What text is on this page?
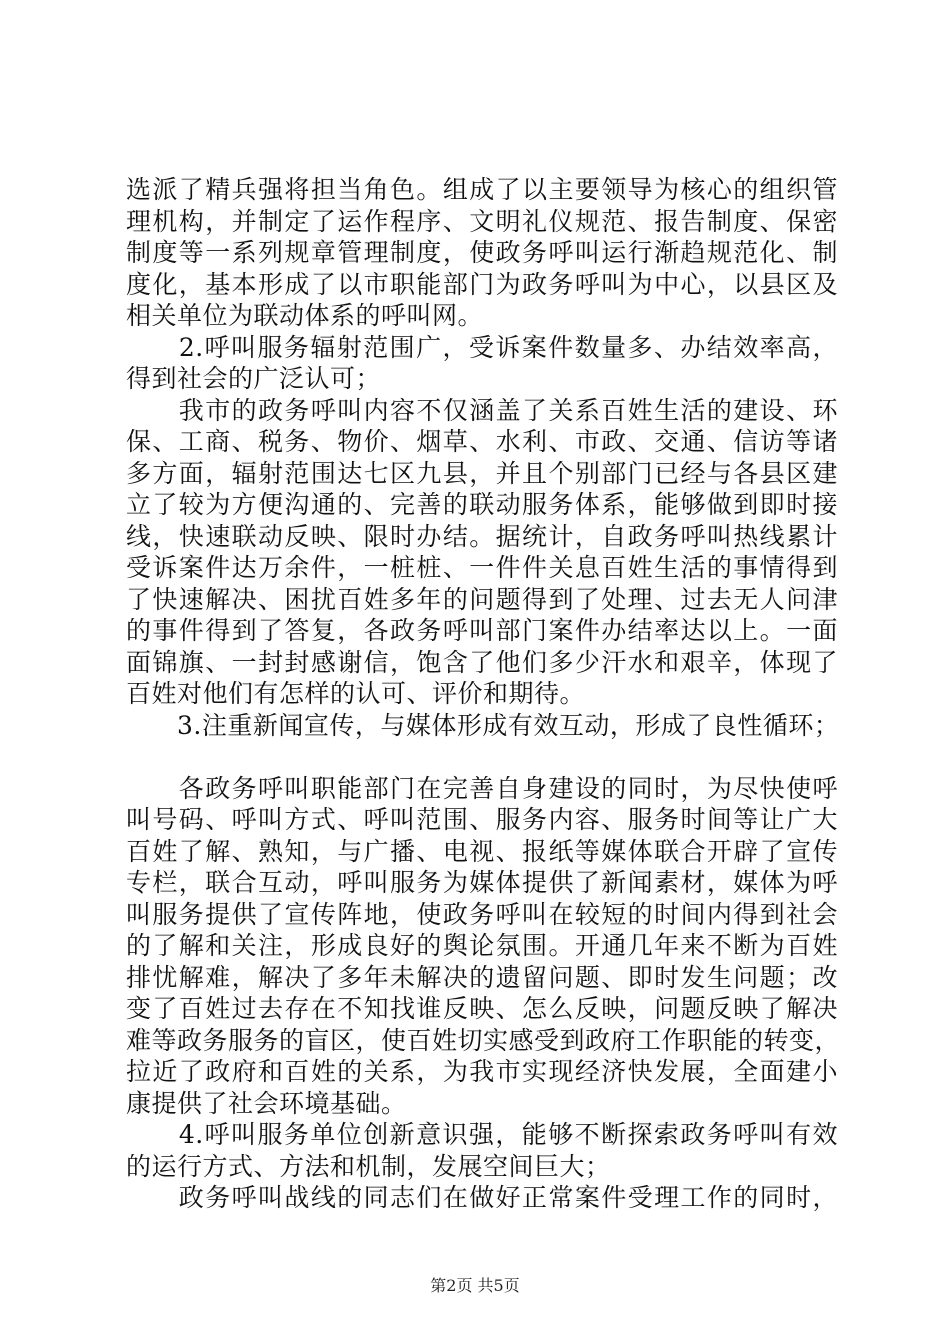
选派了精兵强将担当角色。组成了以主要领导为核心的组织管
理机构，并制定了运作程序、文明礼仪规范、报告制度、保密
制度等一系列规章管理制度，使政务呼叫运行渐趋规范化、制
度化，基本形成了以市职能部门为政务呼叫为中心，以县区及
相关单位为联动体系的呼叫网。
　　2.呼叫服务辐射范围广，受诉案件数量多、办结效率高，
得到社会的广泛认可；
　　我市的政务呼叫内容不仅涵盖了关系百姓生活的建设、环
保、工商、税务、物价、烟草、水利、市政、交通、信访等诸
多方面，辐射范围达七区九县，并且个别部门已经与各县区建
立了较为方便沟通的、完善的联动服务体系，能够做到即时接
线，快速联动反映、限时办结。据统计，自政务呼叫热线累计
受诉案件达万余件，一桩桩、一件件关息百姓生活的事情得到
了快速解决、困扰百姓多年的问题得到了处理、过去无人问津
的事件得到了答复，各政务呼叫部门案件办结率达以上。一面
面锦旗、一封封感谢信，饱含了他们多少汗水和艰辛，体现了
百姓对他们有怎样的认可、评价和期待。
　　3.注重新闻宣传，与媒体形成有效互动，形成了良性循环；
　　各政务呼叫职能部门在完善自身建设的同时，为尽快使呼
叫号码、呼叫方式、呼叫范围、服务内容、服务时间等让广大
百姓了解、熟知，与广播、电视、报纸等媒体联合开辟了宣传
专栏，联合互动，呼叫服务为媒体提供了新闻素材，媒体为呼
叫服务提供了宣传阵地，使政务呼叫在较短的时间内得到社会
的了解和关注，形成良好的舆论氛围。开通几年来不断为百姓
排忧解难，解决了多年未解决的遗留问题、即时发生问题；改
变了百姓过去存在不知找谁反映、怎么反映，问题反映了解决
难等政务服务的盲区，使百姓切实感受到政府工作职能的转变，
拉近了政府和百姓的关系，为我市实现经济快发展，全面建小
康提供了社会环境基础。
　　4.呼叫服务单位创新意识强，能够不断探索政务呼叫有效
的运行方式、方法和机制，发展空间巨大；
　　政务呼叫战线的同志们在做好正常案件受理工作的同时，
第2页 共5页
